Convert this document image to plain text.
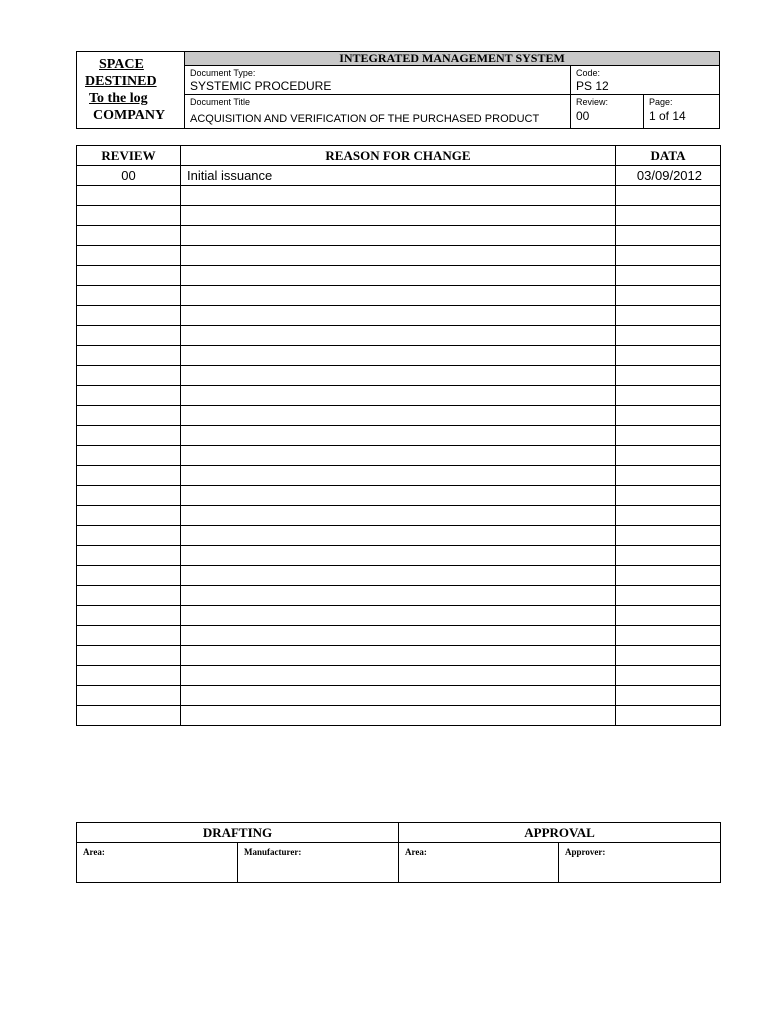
SPACE
DESTINED
To the log
COMPANY
INTEGRATED MANAGEMENT SYSTEM
Document Type:
SYSTEMIC PROCEDURE
Code:
PS 12
Document Title
ACQUISITION AND VERIFICATION OF THE PURCHASED PRODUCT
Review:
00
Page:
1 of 14
REVIEW	REASON FOR CHANGE	DATA
00	Initial issuance	03/09/2012

DRAFTING		APPROVAL	
Area:	Manufacturer:	Area:	Approver:
